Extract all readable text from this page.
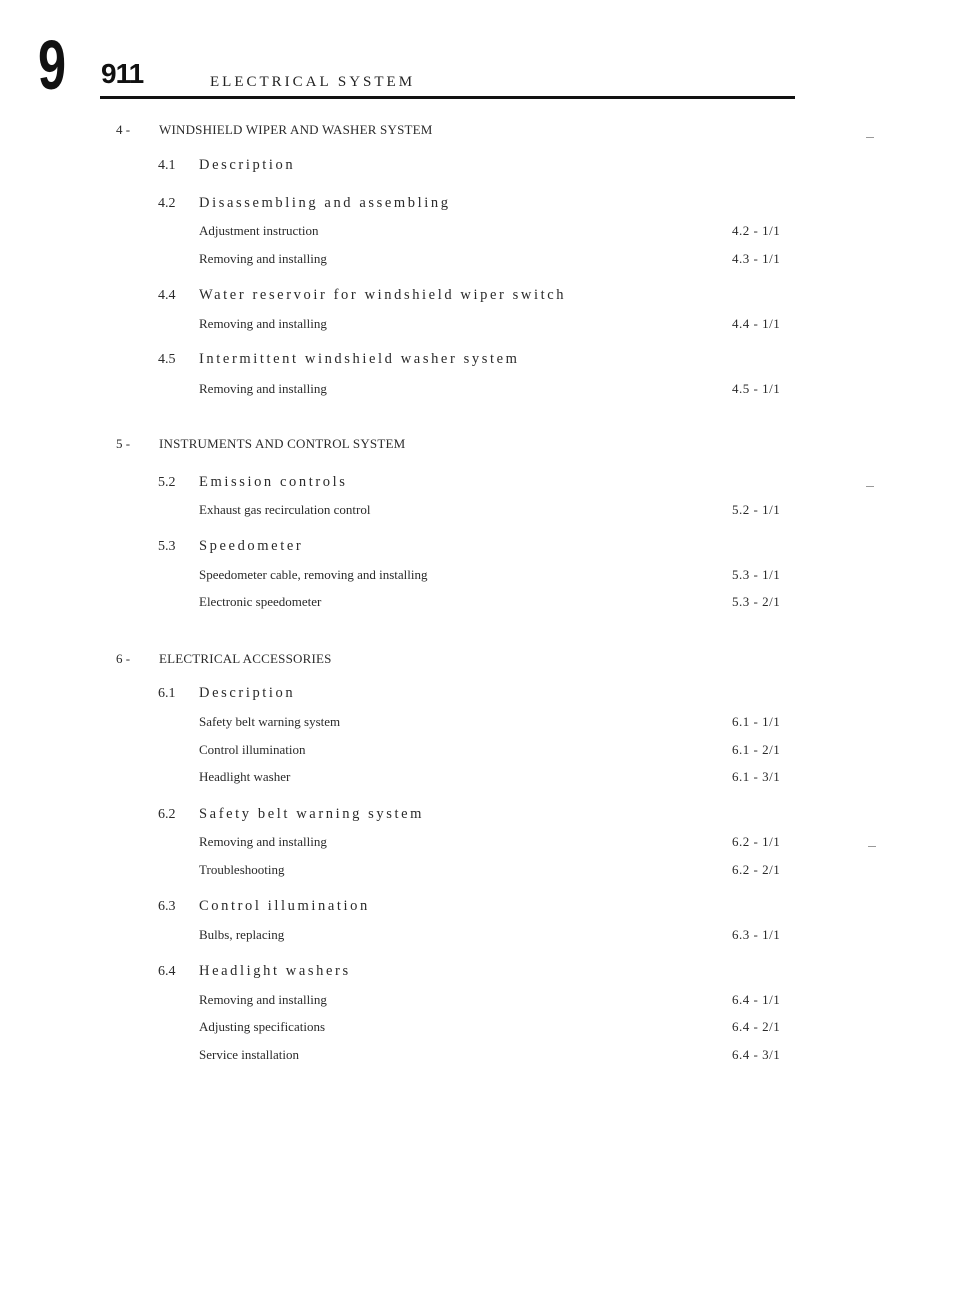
9 911	ELECTRICAL SYSTEM
4 - WINDSHIELD WIPER AND WASHER SYSTEM
4.1 Description
4.2 Disassembling and assembling
Adjustment instruction	4.2 - 1/1
Removing and installing	4.3 - 1/1
4.4 Water reservoir for windshield wiper switch
Removing and installing	4.4 - 1/1
4.5 Intermittent windshield washer system
Removing and installing	4.5 - 1/1
5 - INSTRUMENTS AND CONTROL SYSTEM
5.2 Emission controls
Exhaust gas recirculation control	5.2 - 1/1
5.3 Speedometer
Speedometer cable, removing and installing	5.3 - 1/1
Electronic speedometer	5.3 - 2/1
6 - ELECTRICAL ACCESSORIES
6.1 Description
Safety belt warning system	6.1 - 1/1
Control illumination	6.1 - 2/1
Headlight washer	6.1 - 3/1
6.2 Safety belt warning system
Removing and installing	6.2 - 1/1
Troubleshooting	6.2 - 2/1
6.3 Control illumination
Bulbs, replacing	6.3 - 1/1
6.4 Headlight washers
Removing and installing	6.4 - 1/1
Adjusting specifications	6.4 - 2/1
Service installation	6.4 - 3/1
